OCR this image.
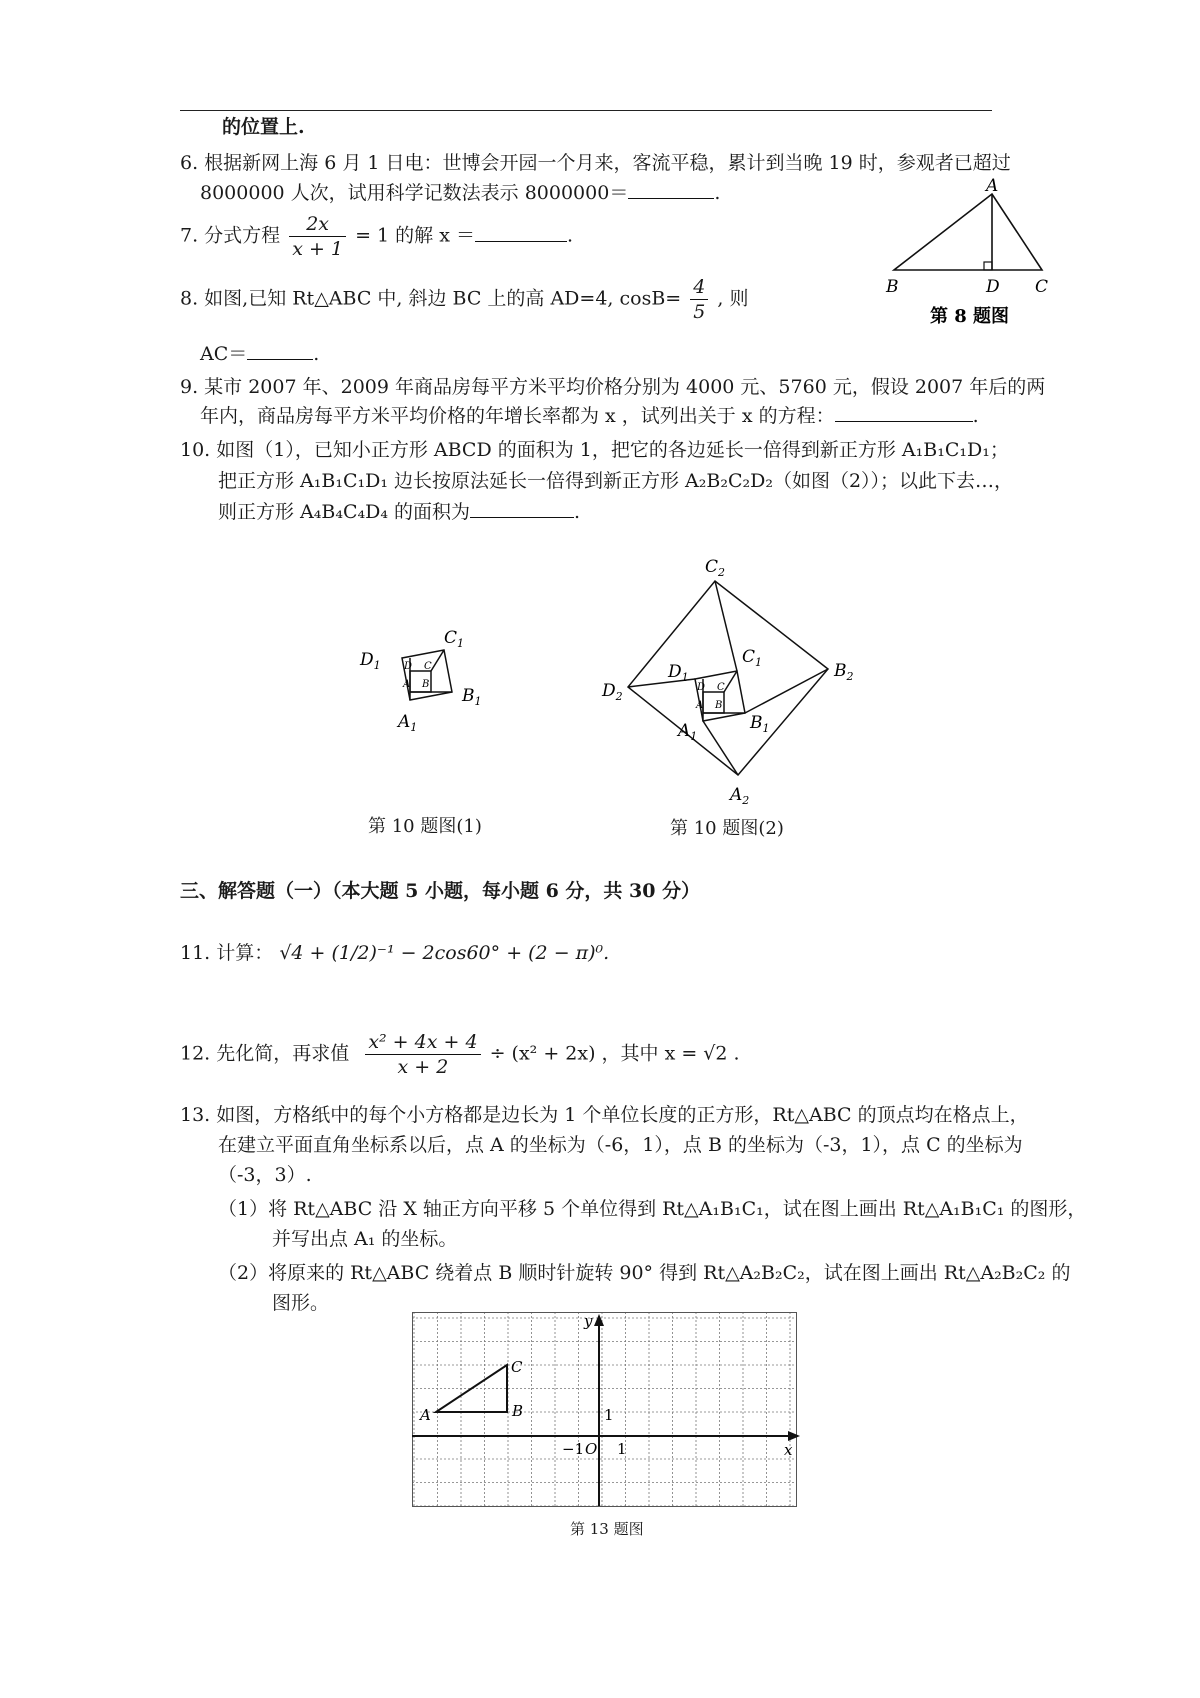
的位置上.
6. 根据新网上海 6 月 1 日电：世博会开园一个月来，客流平稳，累计到当晚 19 时，参观者已超过
8000000 人次，试用科学记数法表示 8000000＝	.
7. 分式方程 $\frac{2x}{x + 1} = 1$ 的解 x ＝	.
8. 如图,已知 Rt△ABC 中, 斜边 BC 上的高 AD=4, $\cos B= \frac{4}{5}$ , 则
AC＝	.
A
B	D C
第 8 题图
9. 某市 2007 年、2009 年商品房每平方米平均价格分别为 4000 元、5760 元，假设 2007 年后的两
年内，商品房每平方米平均价格的年增长率都为 x ，试列出关于 x 的方程：	.
10. 如图（1），已知小正方形 ABCD 的面积为 1，把它的各边延长一倍得到新正方形 A₁B₁C₁D₁；
把正方形 A₁B₁C₁D₁ 边长按原法延长一倍得到新正方形 A₂B₂C₂D₂（如图（2））；以此下去…，
则正方形 A₄B₄C₄D₄ 的面积为	.
A B
C
D
$A_1$
$B_1$
$C_1$
$D_1$
第 10 题图(1)
A B
C
D
$A_1$
$B_1$
$C_1$
$D_1$
$A_2$
$B_2$
$C_2$
$D_2$
第 10 题图(2)
三、解答题（一）（本大题 5 小题，每小题 6 分，共 30 分）
11. 计算： √4 + (1/2)⁻¹ − 2cos60° + (2 − π)⁰.
12. 先化简，再求值 $\frac{\text{x² + 4x + 4}}{x + 2} \div (x^2 + 2x)$ ，其中 x = √2 .
13. 如图，方格纸中的每个小方格都是边长为 1 个单位长度的正方形，Rt△ABC 的顶点均在格点上，
在建立平面直角坐标系以后，点 A 的坐标为（-6，1），点 B 的坐标为（-3，1），点 C 的坐标为
（-3，3）.
（1）将 Rt△ABC 沿 X 轴正方向平移 5 个单位得到 Rt△A₁B₁C₁，试在图上画出 Rt△A₁B₁C₁ 的图形，
并写出点 A₁ 的坐标。
（2）将原来的 Rt△ABC 绕着点 B 顺时针旋转 90° 得到 Rt△A₂B₂C₂，试在图上画出 Rt△A₂B₂C₂ 的
图形。
A	B
C
x
y
1
1
−1 O
第 13 题图
